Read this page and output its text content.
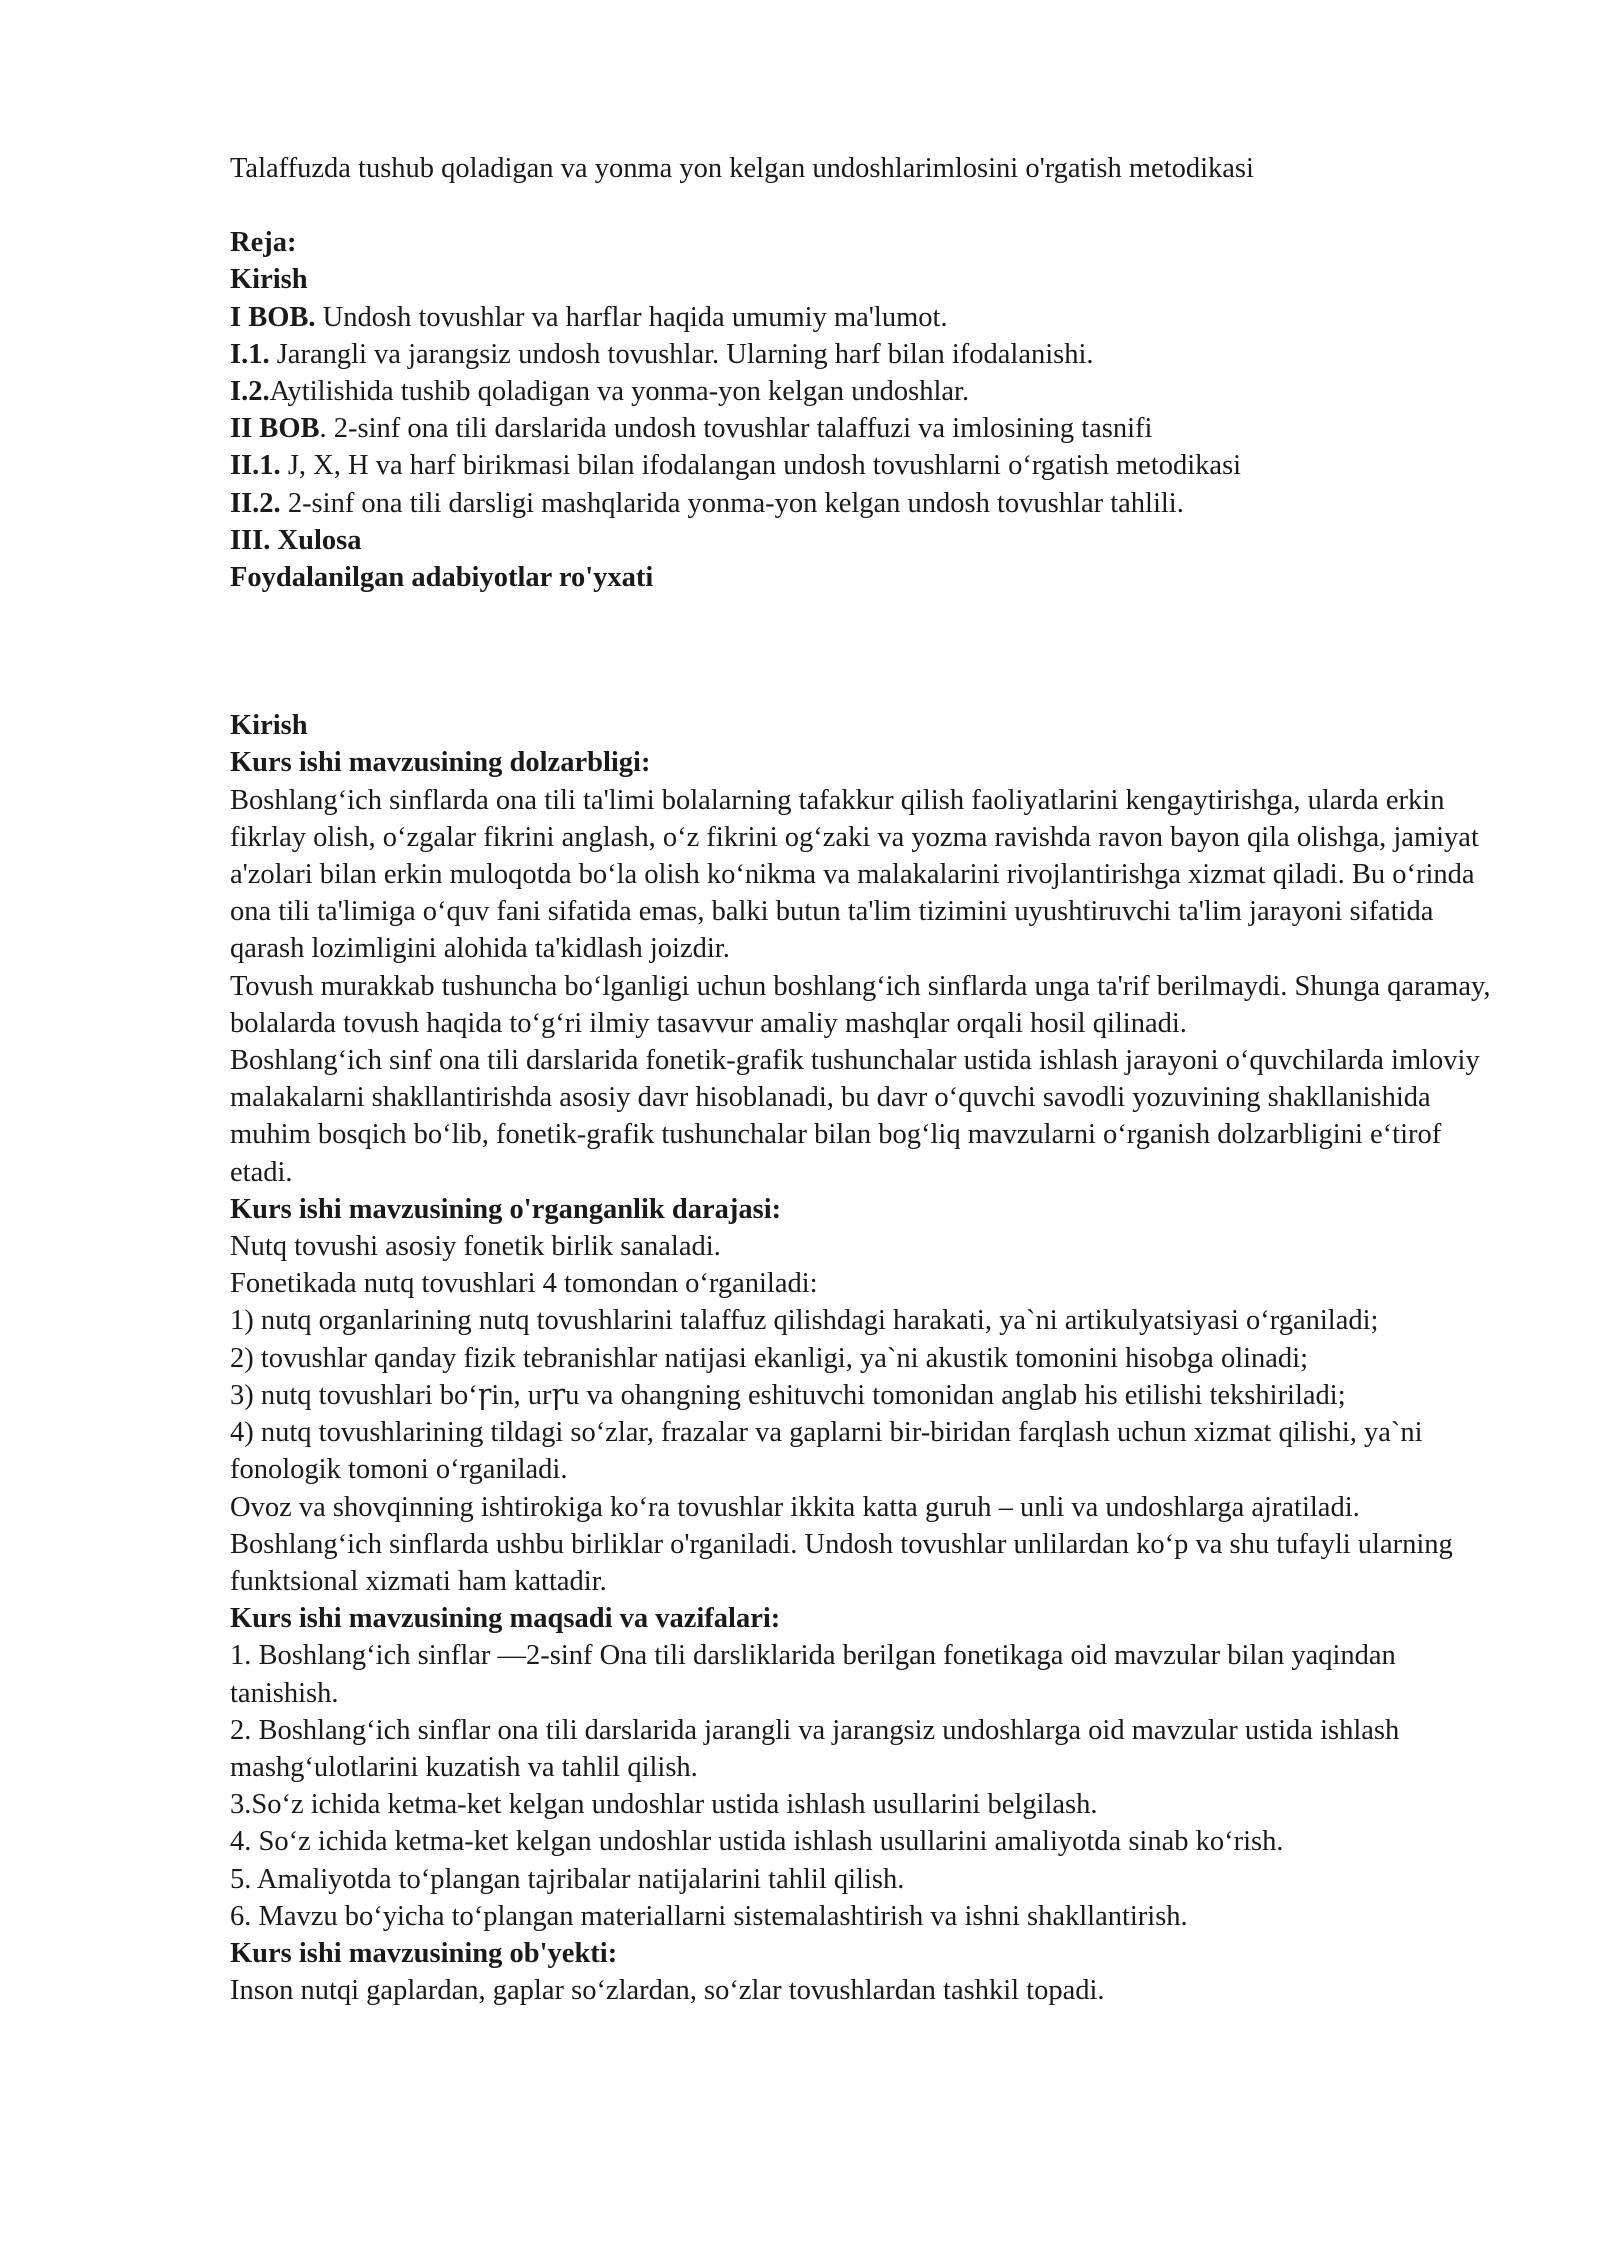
Talaffuzda tushub qoladigan va yonma yon kelgan undoshlarimlosini o'rgatish metodikasi

Reja:

Kirish

I BOB. Undosh tovushlar va harflar haqida umumiy ma'lumot.

I.1. Jarangli va jarangsiz undosh tovushlar. Ularning harf bilan ifodalanishi.

I.2.Aytilishida tushib qoladigan va yonma-yon kelgan undoshlar.

II BOB. 2-sinf ona tili darslarida undosh tovushlar talaffuzi va imlosining tasnifi

II.1. J, X, H va harf birikmasi bilan ifodalangan undosh tovushlarni o‘rgatish metodikasi

II.2. 2-sinf ona tili darsligi mashqlarida yonma-yon kelgan undosh tovushlar tahlili.

III. Xulosa

Foydalanilgan adabiyotlar ro'yxati

Kirish

Kurs ishi mavzusining dolzarbligi:

Boshlang‘ich sinflarda ona tili ta'limi bolalarning tafakkur qilish faoliyatlarini kengaytirishga, ularda erkin fikrlay olish, o‘zgalar fikrini anglash, o‘z fikrini og‘zaki va yozma ravishda ravon bayon qila olishga, jamiyat a'zolari bilan erkin muloqotda bo‘la olish ko‘nikma va malakalarini rivojlantirishga xizmat qiladi. Bu o‘rinda ona tili ta'limiga o‘quv fani sifatida emas, balki butun ta'lim tizimini uyushtiruvchi ta'lim jarayoni sifatida qarash lozimligini alohida ta'kidlash joizdir.

Tovush murakkab tushuncha bo‘lganligi uchun boshlang‘ich sinflarda unga ta'rif berilmaydi. Shunga qaramay, bolalarda tovush haqida to‘g‘ri ilmiy tasavvur amaliy mashqlar orqali hosil qilinadi.

Boshlang‘ich sinf ona tili darslarida fonetik-grafik tushunchalar ustida ishlash jarayoni o‘quvchilarda imloviy malakalarni shakllantirishda asosiy davr hisoblanadi, bu davr o‘quvchi savodli yozuvining shakllanishida muhim bosqich bo‘lib, fonetik-grafik tushunchalar bilan bog‘liq mavzularni o‘rganish dolzarbligini e‘tirof etadi.

Kurs ishi mavzusining o'rganganlik darajasi:

Nutq tovushi asosiy fonetik birlik sanaladi.

Fonetikada nutq tovushlari 4 tomondan o‘rganiladi:

1) nutq organlarining nutq tovushlarini talaffuz qilishdagi harakati, ya`ni artikulyatsiyasi o‘rganiladi;

2) tovushlar qanday fizik tebranishlar natijasi ekanligi, ya`ni akustik tomonini hisobga olinadi;

3) nutq tovushlari bo‘ꞅin, urꞅu va ohangning eshituvchi tomonidan anglab his etilishi tekshiriladi;

4) nutq tovushlarining tildagi so‘zlar, frazalar va gaplarni bir-biridan farqlash uchun xizmat qilishi, ya`ni fonologik tomoni o‘rganiladi.

Ovoz va shovqinning ishtirokiga ko‘ra tovushlar ikkita katta guruh – unli va undoshlarga ajratiladi. Boshlang‘ich sinflarda ushbu birliklar o'rganiladi. Undosh tovushlar unlilardan ko‘p va shu tufayli ularning funktsional xizmati ham kattadir.

Kurs ishi mavzusining maqsadi va vazifalari:

1. Boshlang‘ich sinflar ―2-sinf Ona tili darsliklarida berilgan fonetikaga oid mavzular bilan yaqindan tanishish.

2. Boshlang‘ich sinflar ona tili darslarida jarangli va jarangsiz undoshlarga oid mavzular ustida ishlash mashg‘ulotlarini kuzatish va tahlil qilish.

3.So‘z ichida ketma-ket kelgan undoshlar ustida ishlash usullarini belgilash.

4. So‘z ichida ketma-ket kelgan undoshlar ustida ishlash usullarini amaliyotda sinab ko‘rish.

5. Amaliyotda to‘plangan tajribalar natijalarini tahlil qilish.

6. Mavzu bo‘yicha to‘plangan materiallarni sistemalashtirish va ishni shakllantirish.

Kurs ishi mavzusining ob'yekti:

Inson nutqi gaplardan, gaplar so‘zlardan, so‘zlar tovushlardan tashkil topadi.
